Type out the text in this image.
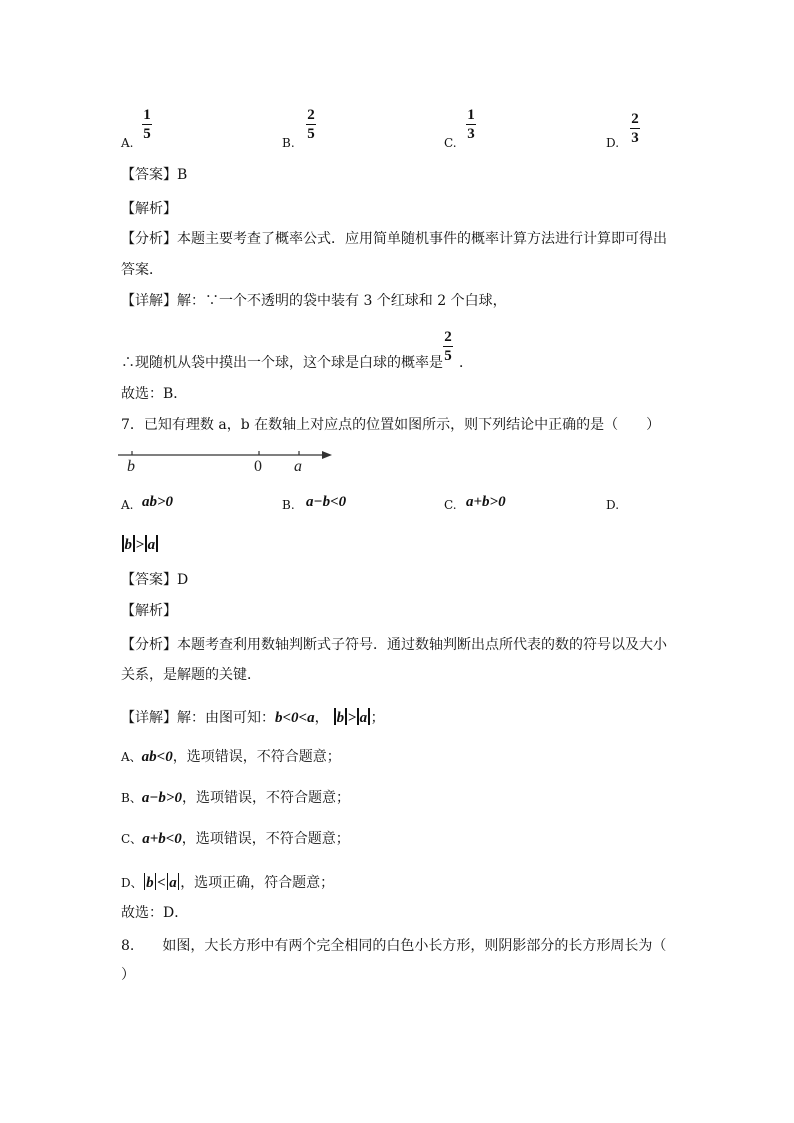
A.
1
5
B.
2
5
C.
1
3
D.
2
3
【答案】B
【解析】
【分析】本题主要考查了概率公式．应用简单随机事件的概率计算方法进行计算即可得出
答案．
【详解】解：∵一个不透明的袋中装有 3 个红球和 2 个白球，
∴现随机从袋中摸出一个球，这个球是白球的概率是
2
5 ．
故选：B．
7．已知有理数 a，b 在数轴上对应点的位置如图所示，则下列结论中正确的是（　　）
b	0 a
A. ab>0	B. a−b<0	C. a+b>0	D.
b > a
【答案】D
【解析】
【分析】本题考查利用数轴判断式子符号．通过数轴判断出点所代表的数的符号以及大小
关系，是解题的关键．
【详解】解：由图可知：b<0<a， b > a ；
A、ab<0，选项错误，不符合题意；
B、a−b>0，选项错误，不符合题意；
C、a+b<0，选项错误，不符合题意；
D、 b < a ，选项正确，符合题意；
故选：D．
8.　　如图，大长方形中有两个完全相同的白色小长方形，则阴影部分的长方形周长为（
）
